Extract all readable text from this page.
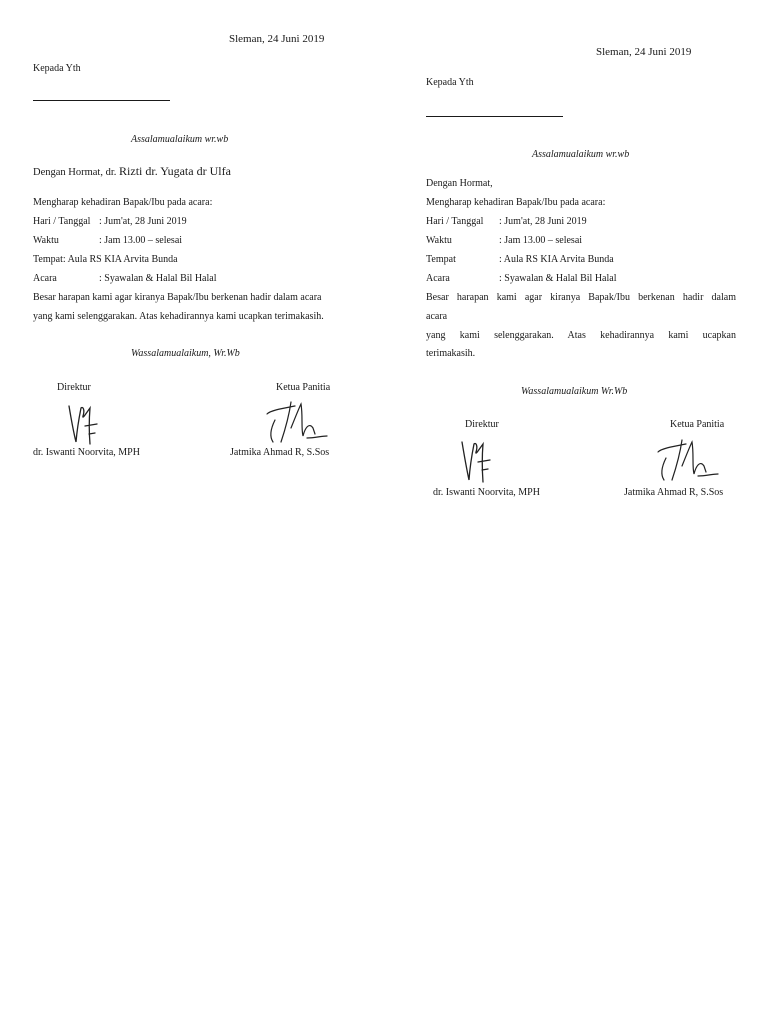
Sleman, 24 Juni 2019
Kepada Yth
Assalamualaikum wr.wb
Dengan Hormat, dr. Rizti dr. Yugata dr Ulfa
Mengharap kehadiran Bapak/Ibu pada acara:
Hari / Tanggal : Jum'at, 28 Juni 2019
Waktu	: Jam 13.00 – selesai
Tempat: Aula RS KIA Arvita Bunda
Acara	: Syawalan & Halal Bil Halal
Besar harapan kami agar kiranya Bapak/Ibu berkenan hadir dalam acara
yang kami selenggarakan. Atas kehadirannya kami ucapkan terimakasih.
Wassalamualaikum, Wr.Wb
Direktur	Ketua Panitia
dr. Iswanti Noorvita, MPH	Jatmika Ahmad R, S.Sos
Sleman, 24 Juni 2019
Kepada Yth
Assalamualaikum wr.wb
Dengan Hormat,
Mengharap kehadiran Bapak/Ibu pada acara:
Hari / Tanggal : Jum'at, 28 Juni 2019
Waktu	: Jam 13.00 – selesai
Tempat	: Aula RS KIA Arvita Bunda
Acara	: Syawalan & Halal Bil Halal
Besar harapan kami agar kiranya Bapak/Ibu berkenan hadir dalam
acara
yang kami selenggarakan. Atas kehadirannya kami ucapkan
terimakasih.
Wassalamualaikum Wr.Wb
Direktur	Ketua Panitia
dr. Iswanti Noorvita, MPH	Jatmika Ahmad R, S.Sos
